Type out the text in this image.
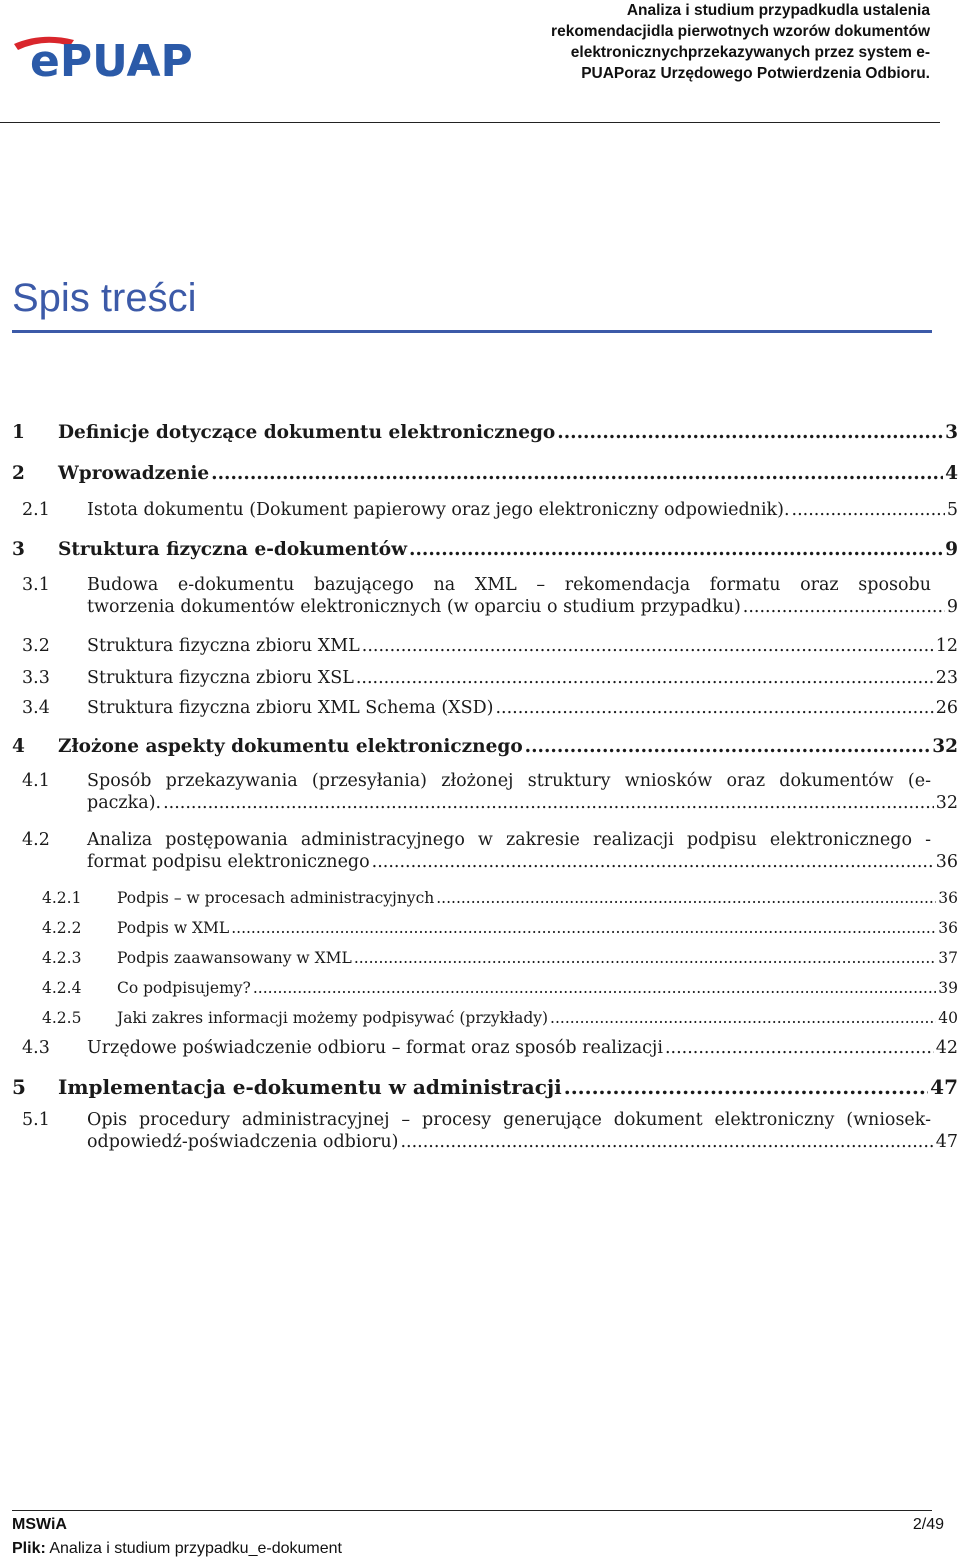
ePUAP
Analiza i studium przypadkudla ustalenia
rekomendacjidla pierwotnych wzorów dokumentów
elektronicznychprzekazywanych przez system e-
PUAPoraz Urzędowego Potwierdzenia Odbioru.
Spis treści
1 Definicje dotyczące dokumentu elektronicznego .....	3
2 Wprowadzenie .....	4
2.1 Istota dokumentu (Dokument papierowy oraz jego elektroniczny odpowiednik). .....	5
3 Struktura fizyczna e-dokumentów .....	9
3.1 Budowa e-dokumentu bazującego na XML – rekomendacja formatu oraz sposobu
tworzenia dokumentów elektronicznych (w oparciu o studium przypadku) .....	9
3.2 Struktura fizyczna zbioru XML .....	12
3.3 Struktura fizyczna zbioru XSL .....	23
3.4 Struktura fizyczna zbioru XML Schema (XSD) .....	26
4 Złożone aspekty dokumentu elektronicznego .....	32
4.1 Sposób przekazywania (przesyłania) złożonej struktury wniosków oraz dokumentów (e-
paczka). .....	32
4.2 Analiza postępowania administracyjnego w zakresie realizacji podpisu elektronicznego -
format podpisu elektronicznego .....	36
4.2.1 Podpis – w procesach administracyjnych .....	36
4.2.2 Podpis w XML .....	36
4.2.3 Podpis zaawansowany w XML .....	37
4.2.4 Co podpisujemy? .....	39
4.2.5 Jaki zakres informacji możemy podpisywać (przykłady) .....	40
4.3 Urzędowe poświadczenie odbioru – format oraz sposób realizacji .....	42
5 Implementacja e-dokumentu w administracji .....	47
5.1 Opis procedury administracyjnej – procesy generujące dokument elektroniczny (wniosek-
odpowiedź-poświadczenia odbioru) .....	47
MSWiA	2/49
Plik: Analiza i studium przypadku_e-dokument
